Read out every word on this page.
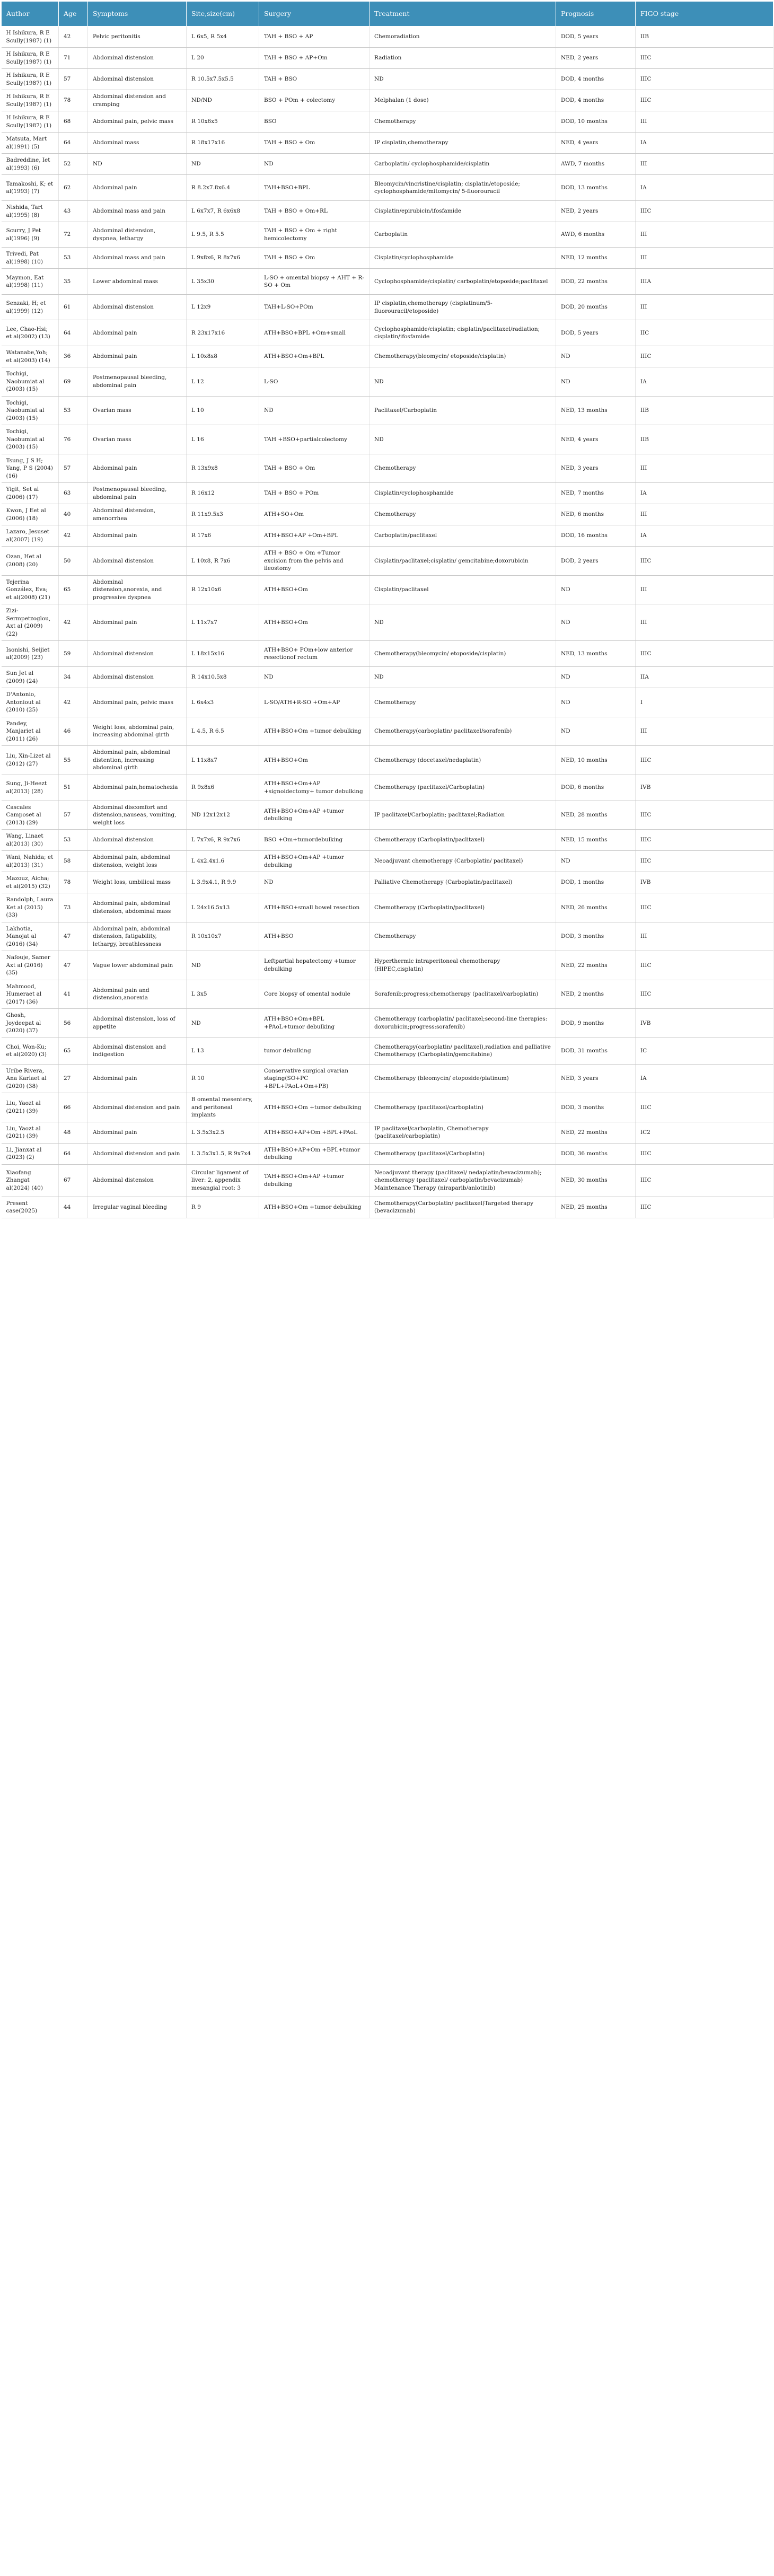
Author	Age	Symptoms	Site,size(cm)	Surgery	Treatment	Prognosis	FIGO stage
H Ishikura, R E Scully(1987) (1)	42	Pelvic peritonitis	L 6x5, R 5x4	TAH + BSO + AP	Chemoradiation	DOD, 5 years	IIB
H Ishikura, R E Scully(1987) (1)	71	Abdominal distension	L 20	TAH + BSO + AP+Om	Radiation	NED, 2 years	IIIC
H Ishikura, R E Scully(1987) (1)	57	Abdominal distension	R 10.5x7.5x5.5	TAH + BSO	ND	DOD, 4 months	IIIC
H Ishikura, R E Scully(1987) (1)	78	Abdominal distension and cramping	ND/ND	BSO + POm + colectomy	Melphalan (1 dose)	DOD, 4 months	IIIC
H Ishikura, R E Scully(1987) (1)	68	Abdominal pain, pelvic mass	R 10x6x5	BSO	Chemotherapy	DOD, 10 months	III
Matsuta, Mart al(1991) (5)	64	Abdominal mass	R 18x17x16	TAH + BSO + Om	IP cisplatin,chemotherapy	NED, 4 years	IA
Badreddine, Iet al(1993) (6)	52	ND	ND	ND	Carboplatin/ cyclophosphamide/cisplatin	AWD, 7 months	III
Tamakoshi, K; et al(1993) (7)	62	Abdominal pain	R 8.2x7.8x6.4	TAH+BSO+BPL	Bleomycin/vincristine/cisplatin; cisplatin/etoposide; cyclophosphamide/mitomycin/ 5-fluorouracil	DOD, 13 months	IA
Nishida, Tart al(1995) (8)	43	Abdominal mass and pain	L 6x7x7, R 6x6x8	TAH + BSO + Om+RL	Cisplatin/epirubicin/ifosfamide	NED, 2 years	IIIC
Scurry, J Pet al(1996) (9)	72	Abdominal distension, dyspnea, lethargy	L 9.5, R 5.5	TAH + BSO + Om + right hemicolectomy	Carboplatin	AWD, 6 months	III
Trivedi, Pat al(1998) (10)	53	Abdominal mass and pain	L 9x8x6, R 8x7x6	TAH + BSO + Om	Cisplatin/cyclophosphamide	NED, 12 months	III
Maymon, Eat al(1998) (11)	35	Lower abdominal mass	L 35x30	L-SO + omental biopsy + AHT + R-SO + Om	Cyclophosphamide/cisplatin/ carboplatin/etoposide;paclitaxel	DOD, 22 months	IIIA
Senzaki, H; et al(1999) (12)	61	Abdominal distension	L 12x9	TAH+L-SO+POm	IP cisplatin,chemotherapy (cisplatinum/5- fluorouracil/etoposide)	DOD, 20 months	III
Lee, Chao-Hsi; et al(2002) (13)	64	Abdominal pain	R 23x17x16	ATH+BSO+BPL +Om+small	Cyclophosphamide/cisplatin; cisplatin/paclitaxel/radiation; cisplatin/ifosfamide	DOD, 5 years	IIC
Watanabe,Yoh; et al(2003) (14)	36	Abdominal pain	L 10x8x8	ATH+BSO+Om+BPL	Chemotherapy(bleomycin/ etoposide/cisplatin)	ND	IIIC
Tochigi, Naobumiat al (2003) (15)	69	Postmenopausal bleeding, abdominal pain	L 12	L-SO	ND	ND	IA
Tochigi, Naobumiat al (2003) (15)	53	Ovarian mass	L 10	ND	Paclitaxel/Carboplatin	NED, 13 months	IIB
Tochigi, Naobumiat al (2003) (15)	76	Ovarian mass	L 16	TAH +BSO+partialcolectomy	ND	NED, 4 years	IIB
Tsung, J S H; Yang, P S (2004) (16)	57	Abdominal pain	R 13x9x8	TAH + BSO + Om	Chemotherapy	NED, 3 years	III
Yigit, Set al (2006) (17)	63	Postmenopausal bleeding, abdominal pain	R 16x12	TAH + BSO + POm	Cisplatin/cyclophosphamide	NED, 7 months	IA
Kwon, J Eet al (2006) (18)	40	Abdominal distension, amenorrhea	R 11x9.5x3	ATH+SO+Om	Chemotherapy	NED, 6 months	III
Lazaro, Jesuset al(2007) (19)	42	Abdominal pain	R 17x6	ATH+BSO+AP +Om+BPL	Carboplatin/paclitaxel	DOD, 16 months	IA
Ozan, Het al (2008) (20)	50	Abdominal distension	L 10x8, R 7x6	ATH + BSO + Om +Tumor excision from the pelvis and ileostomy	Cisplatin/paclitaxel;cisplatin/ gemcitabine;doxorubicin	DOD, 2 years	IIIC
Tejerina González, Eva; et al(2008) (21)	65	Abdominal distension,anorexia, and progressive dyspnea	R 12x10x6	ATH+BSO+Om	Cisplatin/paclitaxel	ND	III
Zizi-Sermpetzoglou, Axt al (2009) (22)	42	Abdominal pain	L 11x7x7	ATH+BSO+Om	ND	ND	III
Isonishi, Seijiet al(2009) (23)	59	Abdominal distension	L 18x15x16	ATH+BSO+ POm+low anterior resectionof rectum	Chemotherapy(bleomycin/ etoposide/cisplatin)	NED, 13 months	IIIC
Sun Jet al (2009) (24)	34	Abdominal distension	R 14x10.5x8	ND	ND	ND	IIA
D'Antonio, Antoniout al (2010) (25)	42	Abdominal pain, pelvic mass	L 6x4x3	L-SO/ATH+R-SO +Om+AP	Chemotherapy	ND	I
Pandey, Manjariet al (2011) (26)	46	Weight loss, abdominal pain, increasing abdominal girth	L 4.5, R 6.5	ATH+BSO+Om +tumor debulking	Chemotherapy(carboplatin/ paclitaxel/sorafenib)	ND	III
Liu, Xin-Lizet al (2012) (27)	55	Abdominal pain, abdominal distention, increasing abdominal girth	L 11x8x7	ATH+BSO+Om	Chemotherapy (docetaxel/nedaplatin)	NED, 10 months	IIIC
Sung, Ji-Heezt al(2013) (28)	51	Abdominal pain,hematochezia	R 9x8x6	ATH+BSO+Om+AP +signoidectomy+ tumor debulking	Chemotherapy (paclitaxel/Carboplatin)	DOD, 6 months	IVB
Cascales Camposet al (2013) (29)	57	Abdominal discomfort and distension,nauseas, vomiting, weight loss	ND 12x12x12	ATH+BSO+Om+AP +tumor debulking	IP paclitaxel/Carboplatin; paclitaxel;Radiation	NED, 28 months	IIIC
Wang, Linaet al(2013) (30)	53	Abdominal distension	L 7x7x6, R 9x7x6	BSO +Om+tumordebulking	Chemotherapy (Carboplatin/paclitaxel)	NED, 15 months	IIIC
Wani, Nahida; et al(2013) (31)	58	Abdominal pain, abdominal distension, weight loss	L 4x2.4x1.6	ATH+BSO+Om+AP +tumor debulking	Neoadjuvant chemotherapy (Carboplatin/ paclitaxel)	ND	IIIC
Mazouz, Aicha; et al(2015) (32)	78	Weight loss, umbilical mass	L 3.9x4.1, R 9.9	ND	Palliative Chemotherapy (Carboplatin/paclitaxel)	DOD, 1 months	IVB
Randolph, Laura Ket al (2015) (33)	73	Abdominal pain, abdominal distension, abdominal mass	L 24x16.5x13	ATH+BSO+small bowel resection	Chemotherapy (Carboplatin/paclitaxel)	NED, 26 months	IIIC
Lakhotia, Manojat al (2016) (34)	47	Abdominal pain, abdominal distension, fatigability, lethargy, breathlessness	R 10x10x7	ATH+BSO	Chemotherapy	DOD, 3 months	III
Nafouje, Samer Axt al (2016) (35)	47	Vague lower abdominal pain	ND	Leftpartial hepatectomy +tumor debulking	Hyperthermic intraperitoneal chemotherapy (HIPEC,cisplatin)	NED, 22 months	IIIC
Mahmood, Humeraet al (2017) (36)	41	Abdominal pain and distension,anorexia	L 3x5	Core biopsy of omental nodule	Sorafenib;progress;chemotherapy (paclitaxel/carboplatin)	NED, 2 months	IIIC
Ghosh, Joydeepat al (2020) (37)	56	Abdominal distension, loss of appetite	ND	ATH+BSO+Om+BPL +PAoL+tumor debulking	Chemotherapy (carboplatin/ paclitaxel;second-line therapies: doxorubicin;progress:sorafenib)	DOD, 9 months	IVB
Choi, Won-Ku; et al(2020) (3)	65	Abdominal distension and indigestion	L 13	tumor debulking	Chemotherapy(carboplatin/ paclitaxel),radiation and palliative Chemotherapy (Carboplatin/gemcitabine)	DOD, 31 months	IC
Uribe Rivera, Ana Karlaet al (2020) (38)	27	Abdominal pain	R 10	Conservative surgical ovarian staging(SO+PC +BPL+PAoL+Om+PB)	Chemotherapy (bleomycin/ etoposide/platinum)	NED, 3 years	IA
Liu, Yaozt al (2021) (39)	66	Abdominal distension and pain	B omental mesentery, and peritoneal implants	ATH+BSO+Om +tumor debulking	Chemotherapy (paclitaxel/carboplatin)	DOD, 3 months	IIIC
Liu, Yaozt al (2021) (39)	48	Abdominal pain	L 3.5x3x2.5	ATH+BSO+AP+Om +BPL+PAoL	IP paclitaxel/carboplatin, Chemotherapy (paclitaxel/carboplatin)	NED, 22 months	IC2
Li, Jianxat al (2023) (2)	64	Abdominal distension and pain	L 3.5x3x1.5, R 9x7x4	ATH+BSO+AP+Om +BPL+tumor debulking	Chemotherapy (paclitaxel/Carboplatin)	DOD, 36 months	IIIC
Xiaofang Zhangat al(2024) (40)	67	Abdominal distension	Circular ligament of liver: 2, appendix mesangial root: 3	TAH+BSO+Om+AP +tumor debulking	Neoadjuvant therapy (paclitaxel/ nedaplatin/bevacizumab); chemotherapy (paclitaxel/ carboplatin/bevacizumab) Maintenance Therapy (niraparib/anlotinib)	NED, 30 months	IIIC
Present case(2025)	44	Irregular vaginal bleeding	R 9	ATH+BSO+Om +tumor debulking	Chemotherapy(Carboplatin/ paclitaxel)Targeted therapy (bevacizumab)	NED, 25 months	IIIC
